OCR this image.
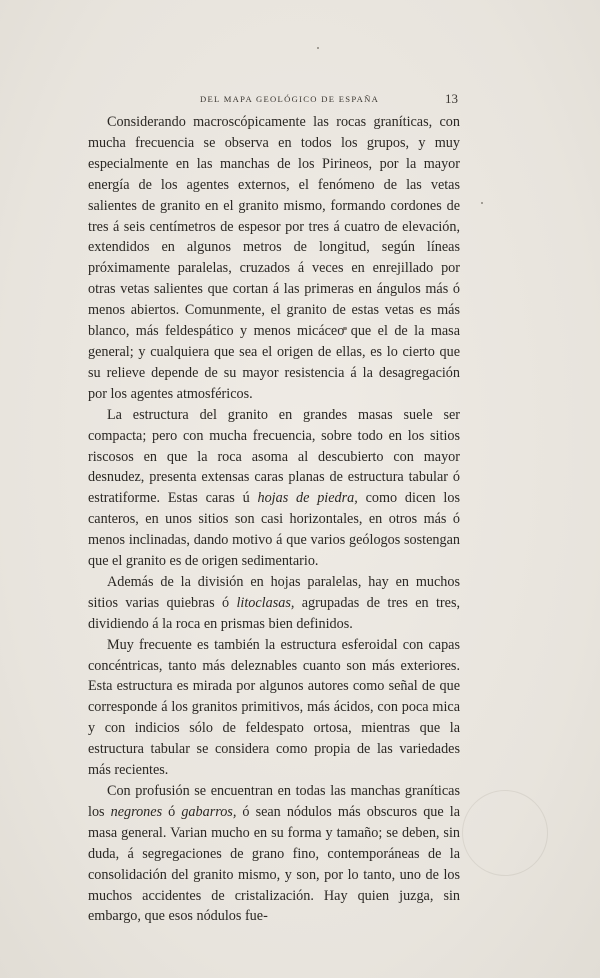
DEL MAPA GEOLÓGICO DE ESPAÑA	13

Considerando macroscópicamente las rocas graníticas, con mucha frecuencia se observa en todos los grupos, y muy especialmente en las manchas de los Pirineos, por la mayor energía de los agentes externos, el fenómeno de las vetas salientes de granito en el granito mismo, formando cordones de tres á seis centímetros de espesor por tres á cuatro de elevación, extendidos en algunos metros de longitud, según líneas próximamente paralelas, cruzados á veces en enrejillado por otras vetas salientes que cortan á las primeras en ángulos más ó menos abiertos. Comunmente, el granito de estas vetas es más blanco, más feldespático y menos micáceo que el de la masa general; y cualquiera que sea el origen de ellas, es lo cierto que su relieve depende de su mayor resistencia á la desagregación por los agentes atmosféricos.

La estructura del granito en grandes masas suele ser compacta; pero con mucha frecuencia, sobre todo en los sitios riscosos en que la roca asoma al descubierto con mayor desnudez, presenta extensas caras planas de estructura tabular ó estratiforme. Estas caras ú hojas de piedra, como dicen los canteros, en unos sitios son casi horizontales, en otros más ó menos inclinadas, dando motivo á que varios geólogos sostengan que el granito es de origen sedimentario.

Además de la división en hojas paralelas, hay en muchos sitios varias quiebras ó litoclasas, agrupadas de tres en tres, dividiendo á la roca en prismas bien definidos.

Muy frecuente es también la estructura esferoidal con capas concéntricas, tanto más deleznables cuanto son más exteriores. Esta estructura es mirada por algunos autores como señal de que corresponde á los granitos primitivos, más ácidos, con poca mica y con indicios sólo de feldespato ortosa, mientras que la estructura tabular se considera como propia de las variedades más recientes.

Con profusión se encuentran en todas las manchas graníticas los negrones ó gabarros, ó sean nódulos más obscuros que la masa general. Varian mucho en su forma y tamaño; se deben, sin duda, á segregaciones de grano fino, contemporáneas de la consolidación del granito mismo, y son, por lo tanto, uno de los muchos accidentes de cristalización. Hay quien juzga, sin embargo, que esos nódulos fue-
